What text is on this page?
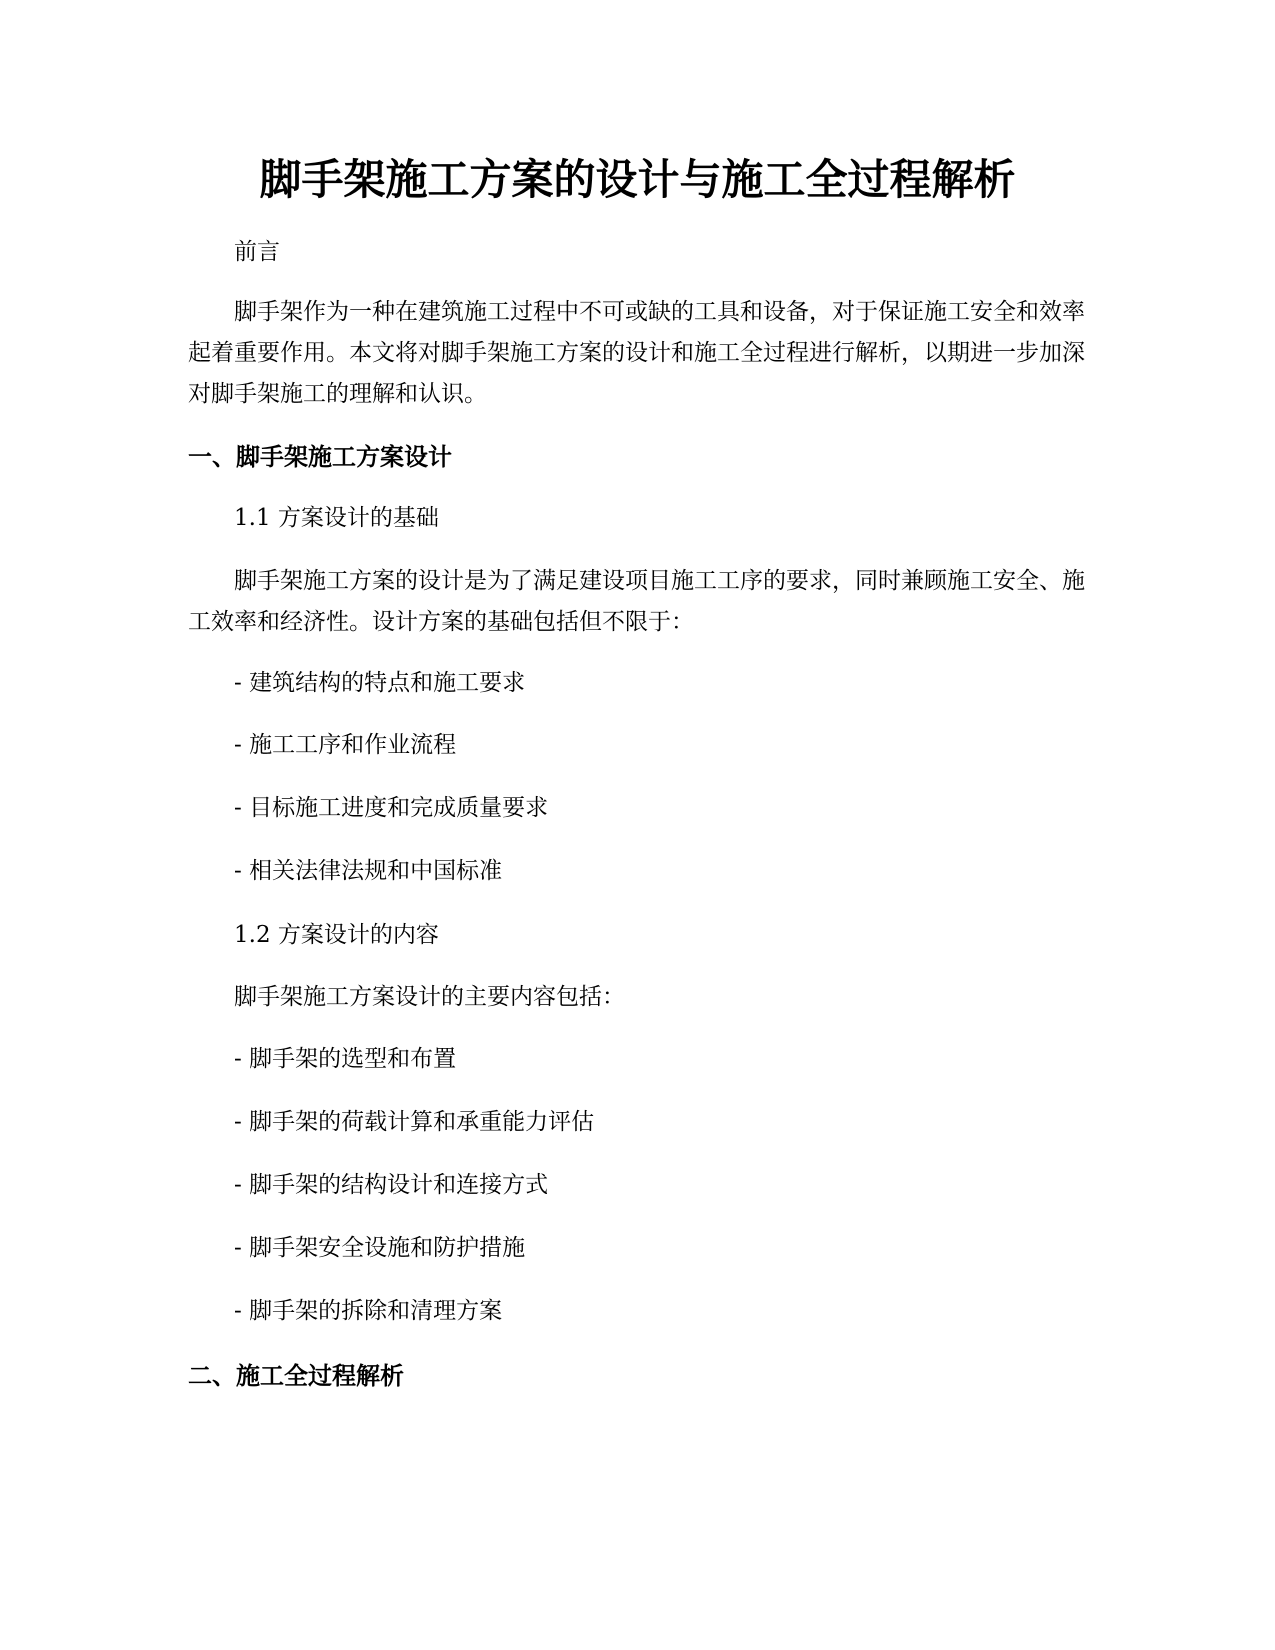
脚手架施工方案的设计与施工全过程解析

前言

脚手架作为一种在建筑施工过程中不可或缺的工具和设备，对于保证施工安全和效率起着重要作用。本文将对脚手架施工方案的设计和施工全过程进行解析，以期进一步加深对脚手架施工的理解和认识。

一、脚手架施工方案设计

1.1 方案设计的基础

脚手架施工方案的设计是为了满足建设项目施工工序的要求，同时兼顾施工安全、施工效率和经济性。设计方案的基础包括但不限于：

- 建筑结构的特点和施工要求

- 施工工序和作业流程

- 目标施工进度和完成质量要求

- 相关法律法规和中国标准

1.2 方案设计的内容

脚手架施工方案设计的主要内容包括：

- 脚手架的选型和布置

- 脚手架的荷载计算和承重能力评估

- 脚手架的结构设计和连接方式

- 脚手架安全设施和防护措施

- 脚手架的拆除和清理方案

二、施工全过程解析
